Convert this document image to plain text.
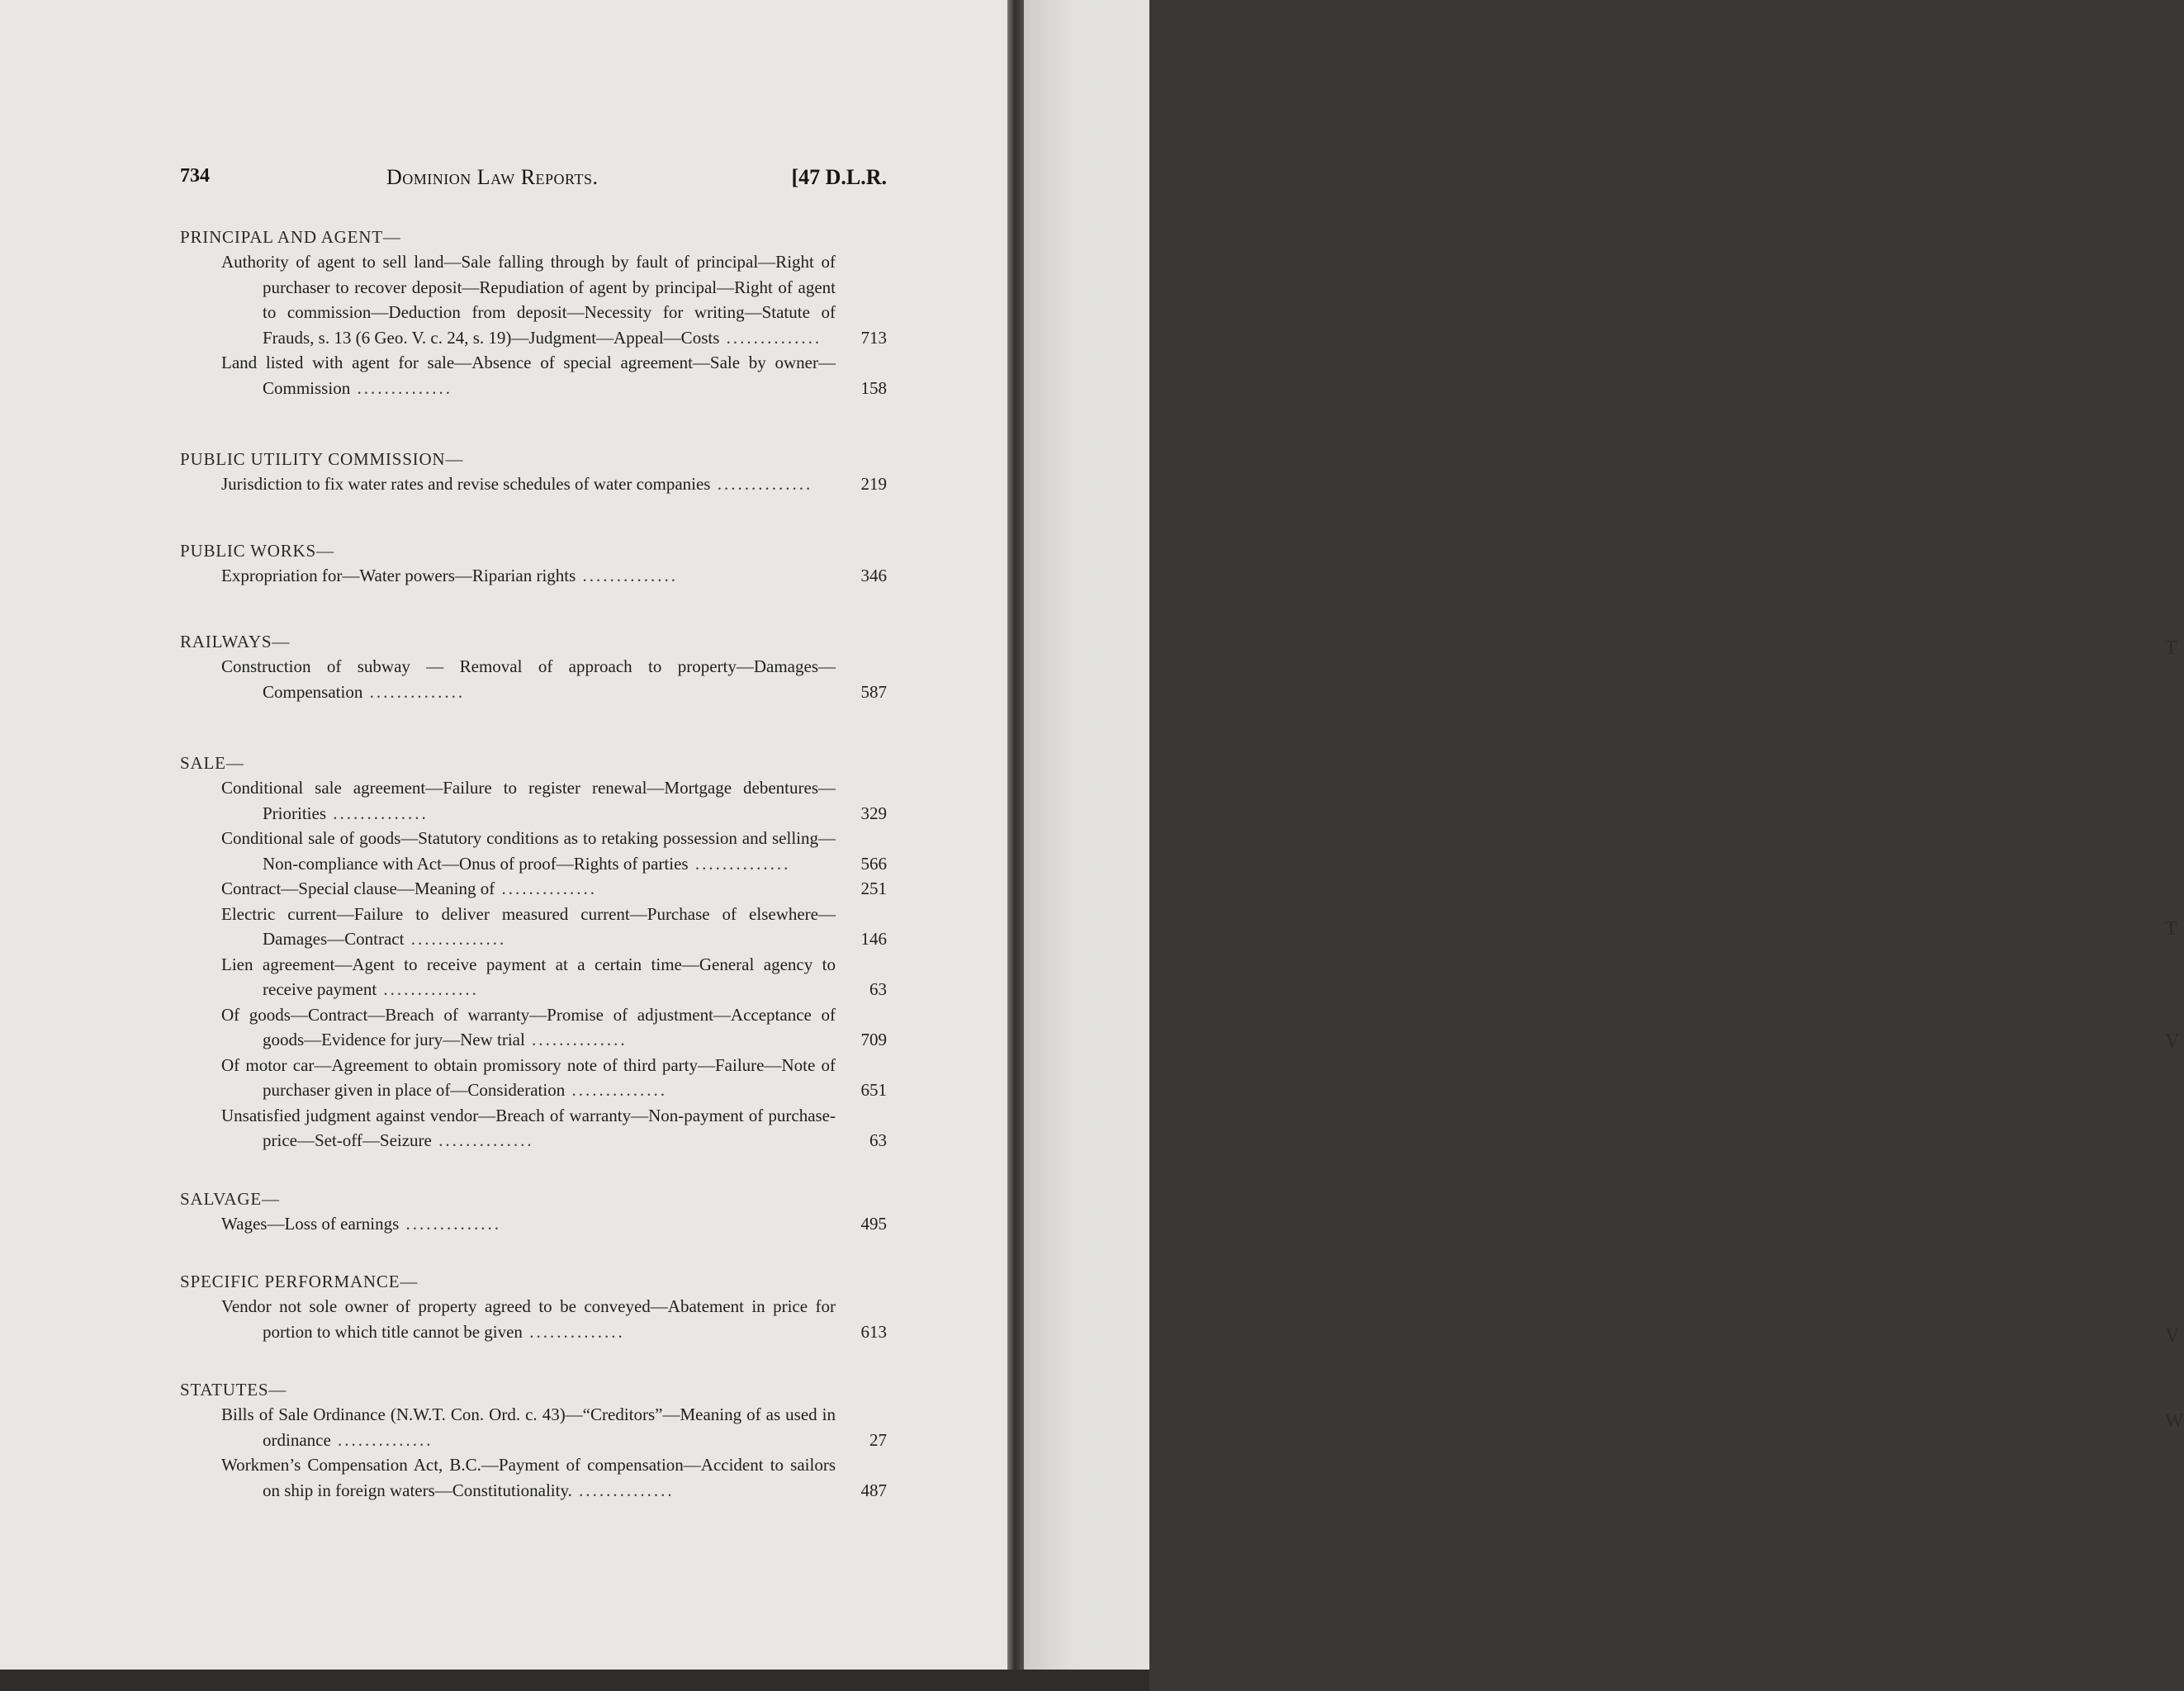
734	Dominion Law Reports.	[47 D.L.R.
PRINCIPAL AND AGENT—
Authority of agent to sell land—Sale falling through by fault of principal—Right of purchaser to recover deposit—Repudiation of agent by principal—Right of agent to commission—Deduction from deposit—Necessity for writing—Statute of Frauds, s. 13 (6 Geo. V. c. 24, s. 19)—Judgment—Appeal—Costs ..............	713
Land listed with agent for sale—Absence of special agreement—Sale by owner—Commission ..............	158
PUBLIC UTILITY COMMISSION—
Jurisdiction to fix water rates and revise schedules of water companies ..............	219
PUBLIC WORKS—
Expropriation for—Water powers—Riparian rights ..............	346
RAILWAYS—
Construction of subway — Removal of approach to property—Damages—Compensation ..............	587
SALE—
Conditional sale agreement—Failure to register renewal—Mortgage debentures—Priorities ..............	329
Conditional sale of goods—Statutory conditions as to retaking possession and selling—Non-compliance with Act—Onus of proof—Rights of parties ..............	566
Contract—Special clause—Meaning of ..............	251
Electric current—Failure to deliver measured current—Purchase of elsewhere—Damages—Contract ..............	146
Lien agreement—Agent to receive payment at a certain time—General agency to receive payment ..............	63
Of goods—Contract—Breach of warranty—Promise of adjustment—Acceptance of goods—Evidence for jury—New trial ..............	709
Of motor car—Agreement to obtain promissory note of third party—Failure—Note of purchaser given in place of—Consideration ..............	651
Unsatisfied judgment against vendor—Breach of warranty—Non-payment of purchase-price—Set-off—Seizure ..............	63
SALVAGE—
Wages—Loss of earnings ..............	495
SPECIFIC PERFORMANCE—
Vendor not sole owner of property agreed to be conveyed—Abatement in price for portion to which title cannot be given ..............	613
STATUTES—
Bills of Sale Ordinance (N.W.T. Con. Ord. c. 43)—“Creditors”—Meaning of as used in ordinance ..............	27
Workmen’s Compensation Act, B.C.—Payment of compensation—Accident to sailors on ship in foreign waters—Constitutionality. ..............	487
T
T
V
V
W
